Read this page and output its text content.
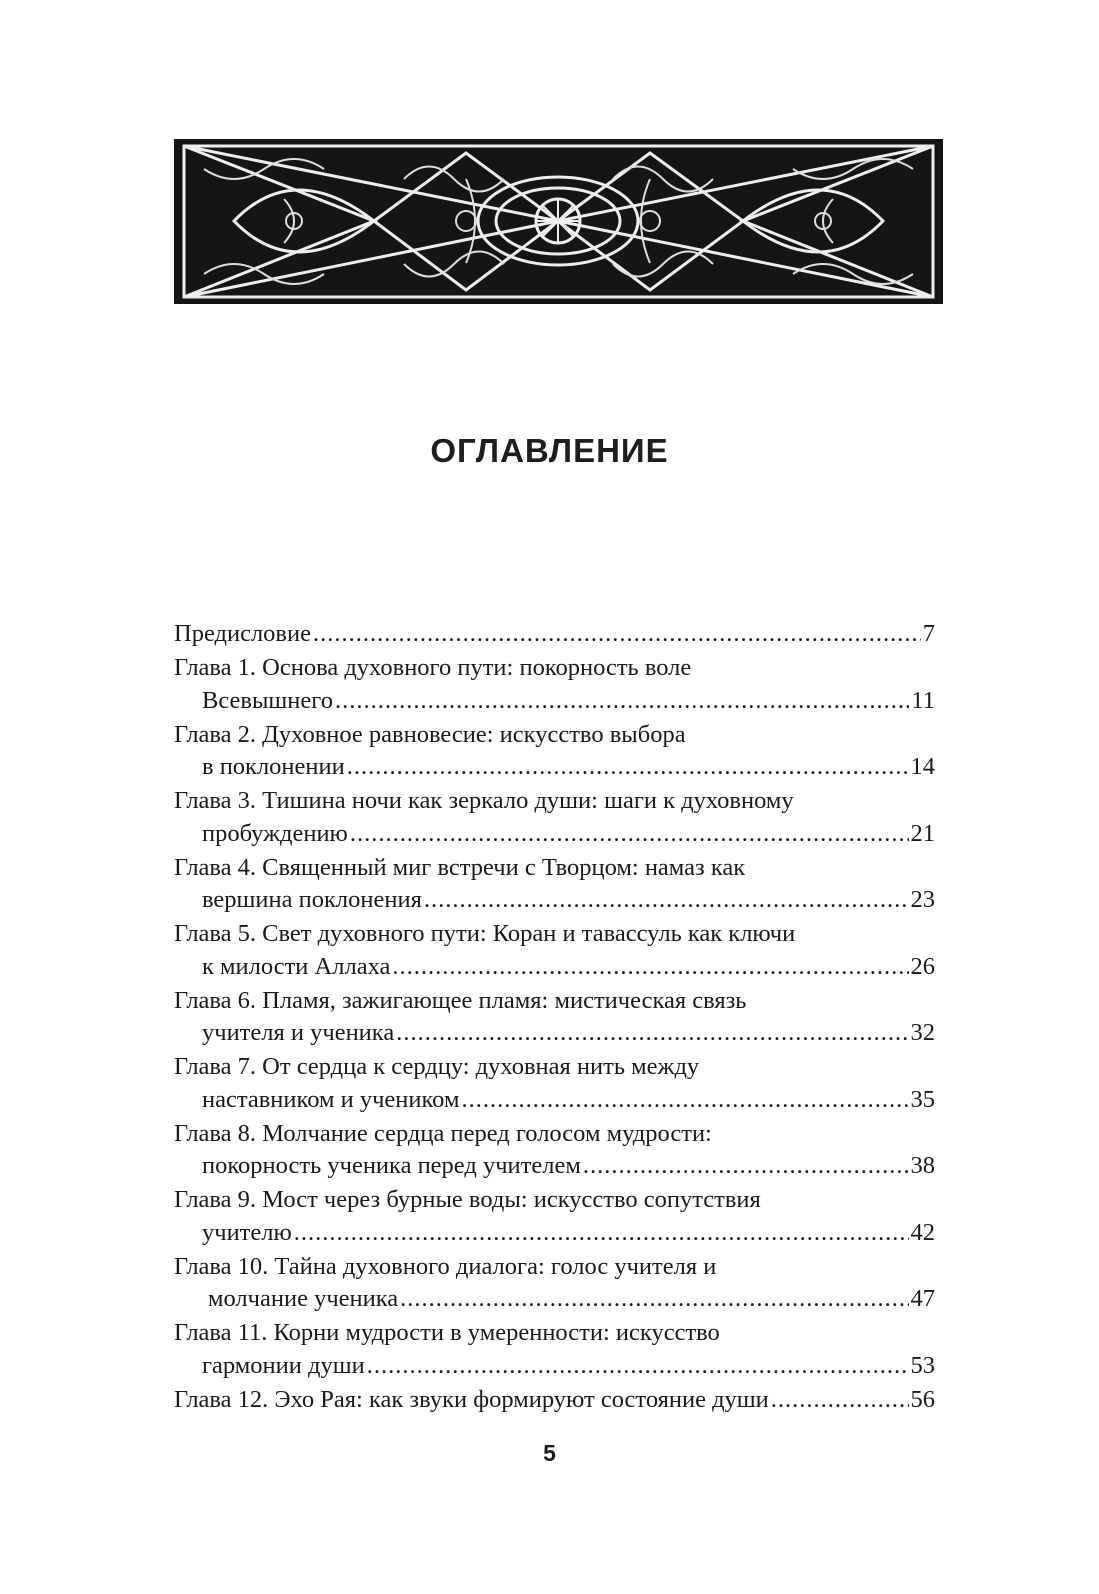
ОГЛАВЛЕНИЕ
Предисловие .....	7
Глава 1. Основа духовного пути: покорность воле
Всевышнего .....	11
Глава 2. Духовное равновесие: искусство выбора
в поклонении .....	14
Глава 3. Тишина ночи как зеркало души: шаги к духовному
пробуждению .....	21
Глава 4. Священный миг встречи с Творцом: намаз как
вершина поклонения .....	23
Глава 5. Свет духовного пути: Коран и тавассуль как ключи
к милости Аллаха .....	26
Глава 6. Пламя, зажигающее пламя: мистическая связь
учителя и ученика .....	32
Глава 7. От сердца к сердцу: духовная нить между
наставником и учеником .....	35
Глава 8. Молчание сердца перед голосом мудрости:
покорность ученика перед учителем .....	38
Глава 9. Мост через бурные воды: искусство сопутствия
учителю .....	42
Глава 10. Тайна духовного диалога: голос учителя и
молчание ученика .....	47
Глава 11. Корни мудрости в умеренности: искусство
гармонии души .....	53
Глава 12. Эхо Рая: как звуки формируют состояние души .....	56
5
